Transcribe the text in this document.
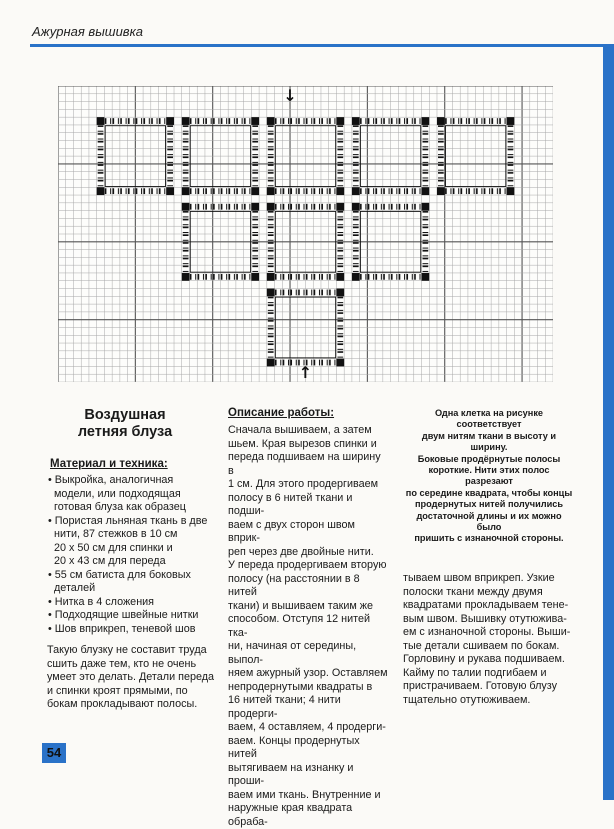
Ажурная вышивка
↓
↑
Воздушная
летняя блуза
Материал и техника:
• Выкройка, аналогичная модели, или подходящая готовая блуза как образец
• Пористая льняная ткань в две нити, 87 стежков в 10 см
20 х 50 см для спинки и
20 х 43 см для переда
• 55 см батиста для боковых деталей
• Нитка в 4 сложения
• Подходящие швейные нитки
• Шов вприкреп, теневой шов
Такую блузку не составит труда сшить даже тем, кто не очень умеет это делать. Детали переда и спинки кроят прямыми, по бокам прокладывают полосы.
Описание работы:
Сначала вышиваем, а затем
шьем. Края вырезов спинки и
переда подшиваем на ширину в
1 см. Для этого продергиваем
полосу в 6 нитей ткани и подши-
ваем с двух сторон швом вприк-
реп через две двойные нити.
У переда продергиваем вторую
полосу (на расстоянии в 8 нитей
ткани) и вышиваем таким же
способом. Отступя 12 нитей тка-
ни, начиная от середины, выпол-
няем ажурный узор. Оставляем
непродернутыми квадраты в
16 нитей ткани; 4 нити продерги-
ваем, 4 оставляем, 4 продерги-
ваем. Концы продернутых нитей
вытягиваем на изнанку и проши-
ваем ими ткань. Внутренние и
наружные края квадрата обраба-
Одна клетка на рисунке соответствует
двум нитям ткани в высоту и ширину.
Боковые продёрнутые полосы
короткие. Нити этих полос разрезают
по середине квадрата, чтобы концы
продернутых нитей получились
достаточной длины и их можно было
пришить с изнаночной стороны.
тываем швом вприкреп. Узкие
полоски ткани между двумя
квадратами прокладываем тене-
вым швом. Вышивку отутюжива-
ем с изнаночной стороны. Выши-
тые детали сшиваем по бокам.
Горловину и рукава подшиваем.
Кайму по талии подгибаем и
пристрачиваем. Готовую блузу
тщательно отутюживаем.
54
